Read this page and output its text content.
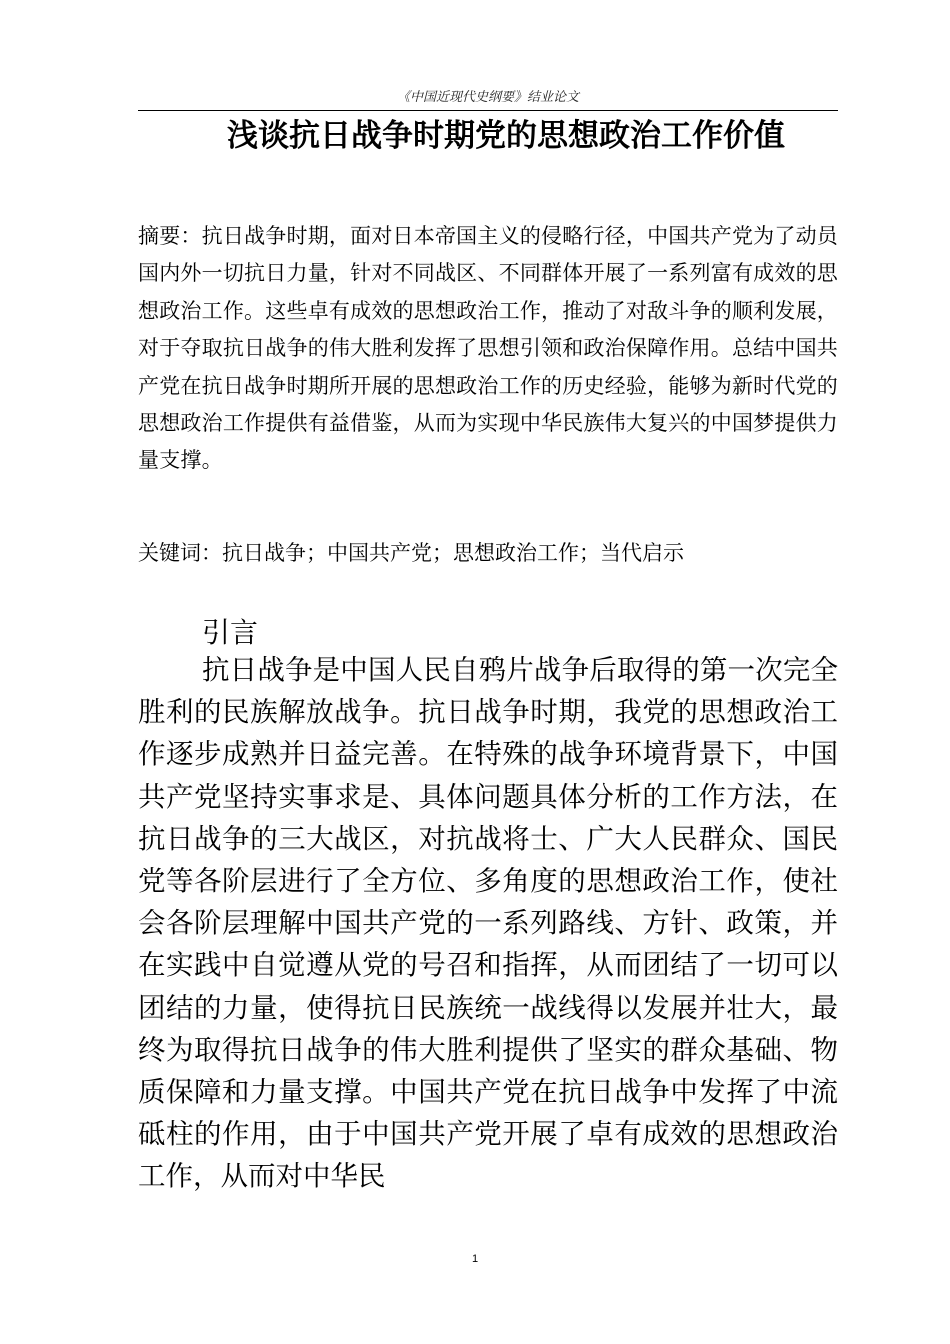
《中国近现代史纲要》结业论文
浅谈抗日战争时期党的思想政治工作价值

摘要：抗日战争时期，面对日本帝国主义的侵略行径，中国共产党为了动员国内外一切抗日力量，针对不同战区、不同群体开展了一系列富有成效的思想政治工作。这些卓有成效的思想政治工作，推动了对敌斗争的顺利发展，对于夺取抗日战争的伟大胜利发挥了思想引领和政治保障作用。总结中国共产党在抗日战争时期所开展的思想政治工作的历史经验，能够为新时代党的思想政治工作提供有益借鉴，从而为实现中华民族伟大复兴的中国梦提供力量支撑。

关键词：抗日战争；中国共产党；思想政治工作；当代启示
引言

抗日战争是中国人民自鸦片战争后取得的第一次完全胜利的民族解放战争。抗日战争时期，我党的思想政治工作逐步成熟并日益完善。在特殊的战争环境背景下，中国共产党坚持实事求是、具体问题具体分析的工作方法，在抗日战争的三大战区，对抗战将士、广大人民群众、国民党等各阶层进行了全方位、多角度的思想政治工作，使社会各阶层理解中国共产党的一系列路线、方针、政策，并在实践中自觉遵从党的号召和指挥，从而团结了一切可以团结的力量，使得抗日民族统一战线得以发展并壮大，最终为取得抗日战争的伟大胜利提供了坚实的群众基础、物质保障和力量支撑。中国共产党在抗日战争中发挥了中流砥柱的作用，由于中国共产党开展了卓有成效的思想政治工作，从而对中华民

1
